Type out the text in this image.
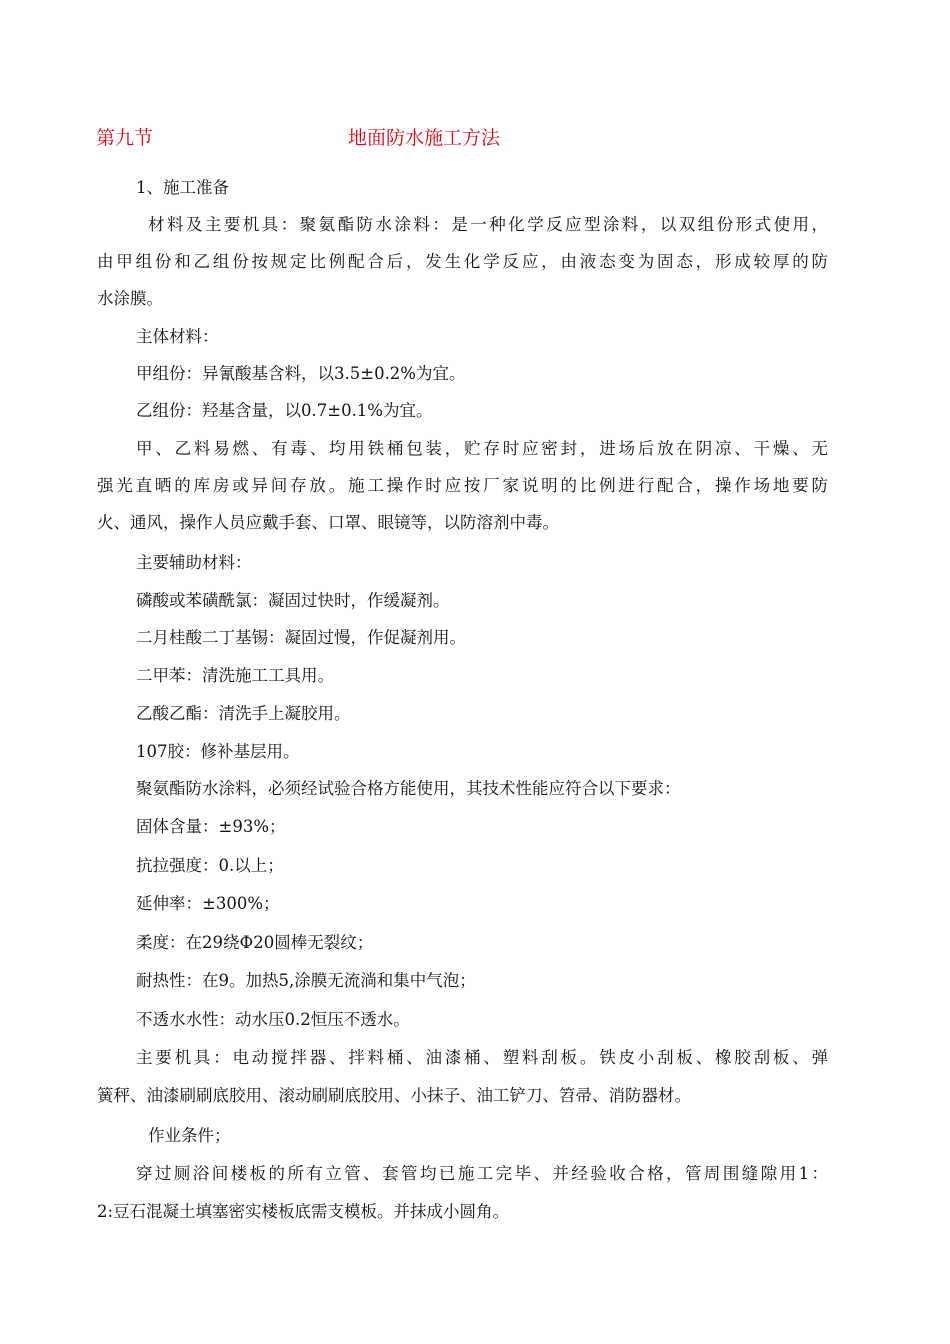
第九节	地面防水施工方法
1、施工准备
材料及主要机具：聚氨酯防水涂料：是一种化学反应型涂料，以双组份形式使用，
由甲组份和乙组份按规定比例配合后，发生化学反应，由液态变为固态，形成较厚的防
水涂膜。
主体材料：
甲组份：异氰酸基含料，以3.5±0.2%为宜。
乙组份：羟基含量，以0.7±0.1%为宜。
甲、乙料易燃、有毒、均用铁桶包装，贮存时应密封，进场后放在阴凉、干燥、无
强光直晒的库房或异间存放。施工操作时应按厂家说明的比例进行配合，操作场地要防
火、通风，操作人员应戴手套、口罩、眼镜等，以防溶剂中毒。
主要辅助材料：
磷酸或苯磺酰氯：凝固过快时，作缓凝剂。
二月桂酸二丁基锡：凝固过慢，作促凝剂用。
二甲苯：清洗施工工具用。
乙酸乙酯：清洗手上凝胶用。
107胶：修补基层用。
聚氨酯防水涂料，必须经试验合格方能使用，其技术性能应符合以下要求：
固体含量：±93%；
抗拉强度：0.以上；
延伸率：±300%；
柔度：在29绕Ф20圆棒无裂纹；
耐热性：在9。加热5,涂膜无流淌和集中气泡；
不透水水性：动水压0.2恒压不透水。
主要机具：电动搅拌器、拌料桶、油漆桶、塑料刮板。铁皮小刮板、橡胶刮板、弹
簧秤、油漆刷刷底胶用、滚动刷刷底胶用、小抹子、油工铲刀、笤帚、消防器材。
作业条件；
穿过厕浴间楼板的所有立管、套管均已施工完毕、并经验收合格，管周围缝隙用1：
2:豆石混凝土填塞密实楼板底需支模板。并抹成小圆角。
